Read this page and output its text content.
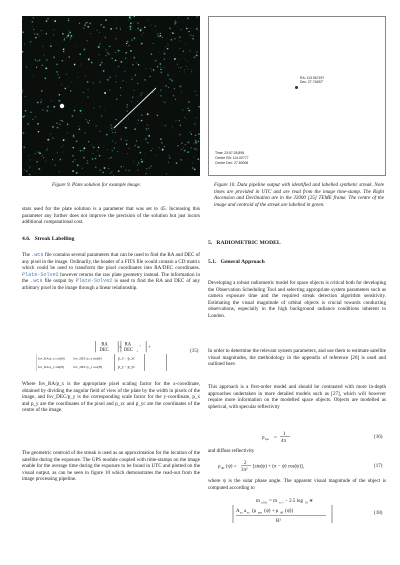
Figure 9. Plate solution for example image.

stars used for the plate solution is a parameter that was set to 45. Increasing this parameter any further does not improve the precision of the solution but just incurs additional computational cost.

4.6. Streak Labelling

The .wcs file contains several parameters that can be used to find the RA and DEC of any pixel in the image. Ordinarily, the header of a FITS file would contain a CD matrix which could be used to transform the pixel coordinates into RA/DEC coordinates. Plate-Solve2 however returns the raw plate geometry instead. The information in the .wcs file output by Plate-Solve2 is used to find the RA and DEC of any arbitrary pixel in the image through a linear relationship.

RA
DEC =
RA	c
DEC c
+
fov_RA/p_x cos(Θ)
fov_RA/p_y sin(Θ)
fov_DEC/p_x sin(Θ)
fov_DEC/p_y cos(Θ)
p_x − p_xc
p_y − p_yc
(15)

Where fov_RA/p_x is the appropriate pixel scaling factor for the x-coordinate, obtained by dividing the angular field of view of the plate by the width in pixels of the image, and fov_DEC/p_y is the corresponding scale factor for the y-coordinate, p_x and p_y are the coordinates of the pixel and p_xc and p_yc are the coordinates of the centre of the image.

The geometric centroid of the streak is used as an approximation for the location of the satellite during the exposure. The GPS module coupled with time-stamps on the image enable for the average time during the exposure to be found in UTC and plotted on the visual output, as can be seen in figure 10 which demonstrates the read-out from the image processing pipeline.

RA: 113.967497
Dec: 27.71692°
Time: 23:57:28.896
Centre RA: 114.00777
Centre Dec: 27.60008
Figure 10. Data pipeline output with identified and labelled synthetic streak. Note times are provided in UTC and are read from the image time-stamp. The Right Ascension and Declination are in the J2000 [25] TEME frame. The centre of the image and centroid of the streak are labelled in green.
5. RADIOMETRIC MODEL
5.1. General Approach

Developing a robust radiometric model for space objects is critical both for developing the Observation Scheduling Tool and selecting appropriate system parameters such as camera exposure time and the required streak detection algorithm sensitivity. Estimating the visual magnitude of orbital objects is crucial towards conducting observations, especially in the high background radiance conditions inherent to London.

In order to determine the relevant system parameters, and use them to estimate satellite visual magnitudes, the methodology in the appendix of reference [26] is used and outlined here.

This approach is a first-order model and should be contrasted with more in-depth approaches undertaken in more detailed models such as [27], which will however require more information on the modelled space objects. Objects are modelled as spherical, with specular reflectivity

ρ spe =
1
4π
(16)

and diffuse reflectivity

ρ dif (ψ) =
2
3π²
[sin(ψ) + (π − ψ) cos(ψ)],	(17)

where ψ is the solar phase angle. The apparent visual magnitude of the object is computed according to

m v,SO = m v,☉ − 2.5 log 10 ∗
A so a so (ρ spe (ψ) + ρ dif (ψ))
R²
(18)
